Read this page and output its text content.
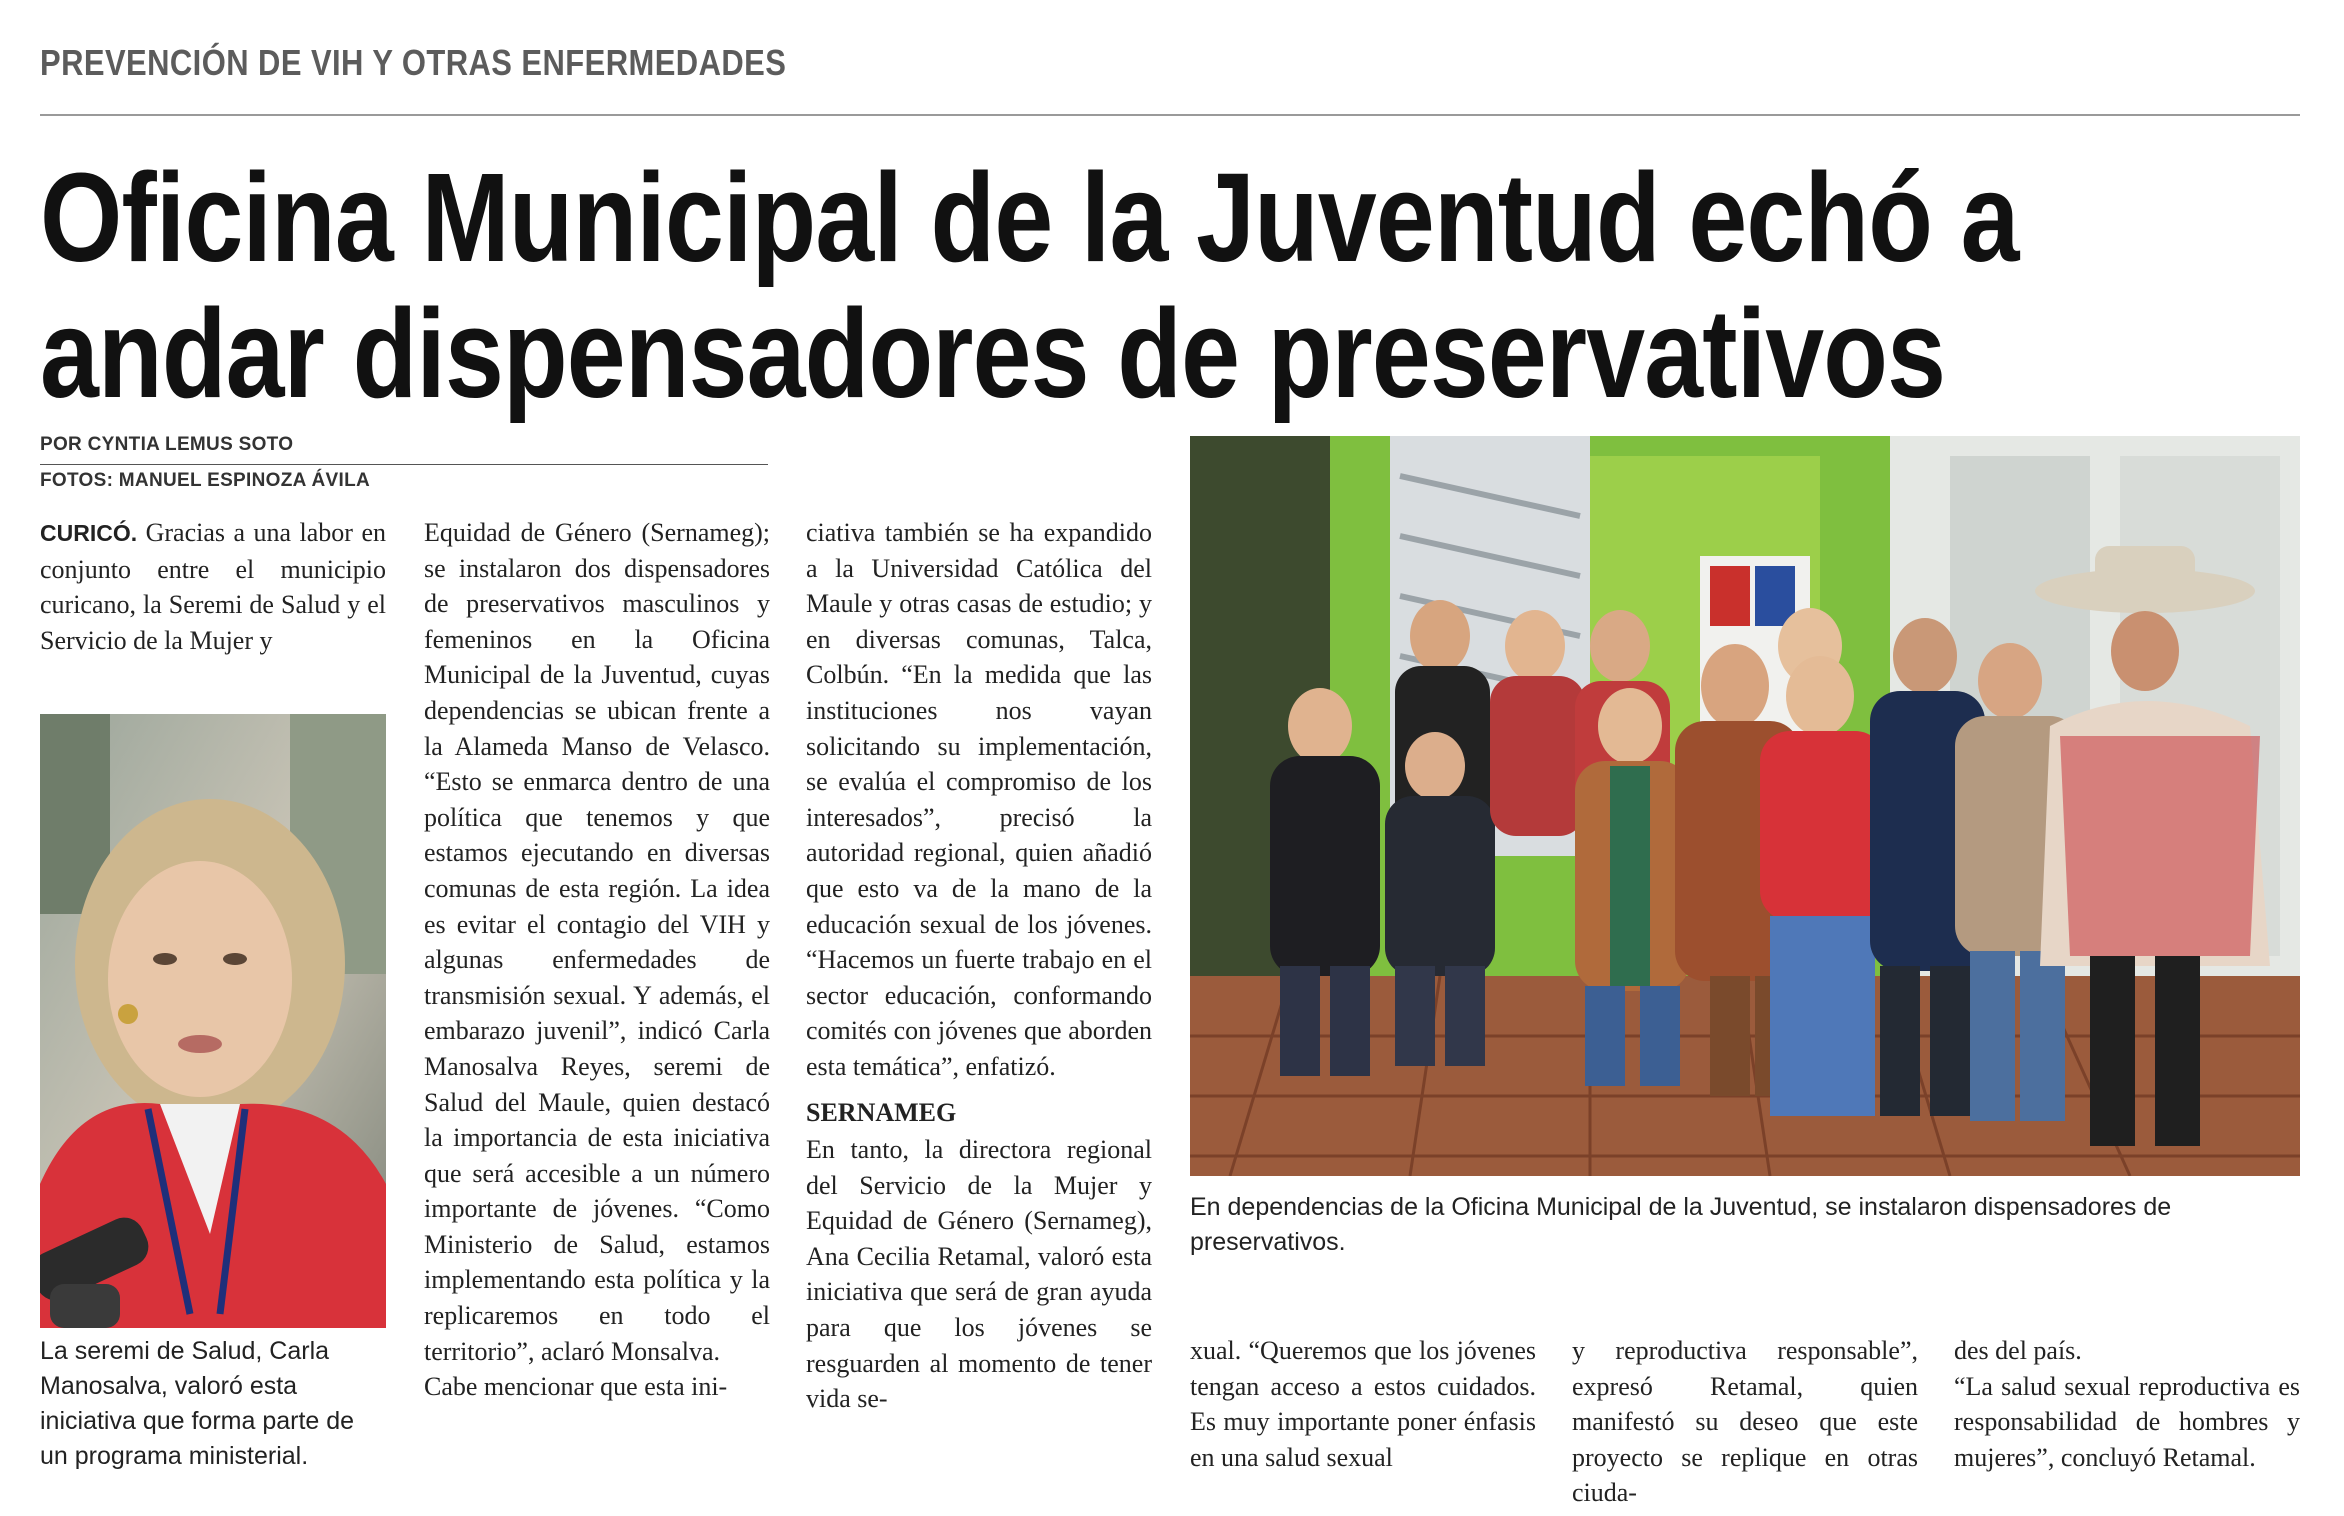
PREVENCIÓN DE VIH Y OTRAS ENFERMEDADES
Oficina Municipal de la Juventud echó a
andar dispensadores de preservativos
POR CYNTIA LEMUS SOTO
FOTOS: MANUEL ESPINOZA ÁVILA

CURICÓ. Gracias a una labor en conjunto entre el municipio curicano, la Seremi de Salud y el Servicio de la Mujer y

La seremi de Salud, Carla Manosalva, valoró esta iniciativa que forma parte de un programa ministerial.

Equidad de Género (Sernameg); se instalaron dos dispensadores de preservativos masculinos y femeninos en la Oficina Municipal de la Juventud, cuyas dependencias se ubican frente a la Alameda Manso de Velasco. “Esto se enmarca dentro de una política que tenemos y que estamos ejecutando en diversas comunas de esta región. La idea es evitar el contagio del VIH y algunas enfermedades de transmisión sexual. Y además, el embarazo juvenil”, indicó Carla Manosalva Reyes, seremi de Salud del Maule, quien destacó la importancia de esta iniciativa que será accesible a un número importante de jóvenes. “Como Ministerio de Salud, estamos implementando esta política y la replicaremos en todo el territorio”, aclaró Monsalva.

Cabe mencionar que esta ini-

ciativa también se ha expandido a la Universidad Católica del Maule y otras casas de estudio; y en diversas comunas, Talca, Colbún. “En la medida que las instituciones nos vayan solicitando su implementación, se evalúa el compromiso de los interesados”, precisó la autoridad regional, quien añadió que esto va de la mano de la educación sexual de los jóvenes. “Hacemos un fuerte trabajo en el sector educación, conformando comités con jóvenes que aborden esta temática”, enfatizó.

SERNAMEG

En tanto, la directora regional del Servicio de la Mujer y Equidad de Género (Sernameg), Ana Cecilia Retamal, valoró esta iniciativa que será de gran ayuda para que los jóvenes se resguarden al momento de tener vida se-

En dependencias de la Oficina Municipal de la Juventud, se instalaron dispensadores de preservativos.

xual. “Queremos que los jóvenes tengan acceso a estos cuidados. Es muy importante poner énfasis en una salud sexual

y reproductiva responsable”, expresó Retamal, quien manifestó su deseo que este proyecto se replique en otras ciuda-

des del país.

“La salud sexual reproductiva es responsabilidad de hombres y mujeres”, concluyó Retamal.
